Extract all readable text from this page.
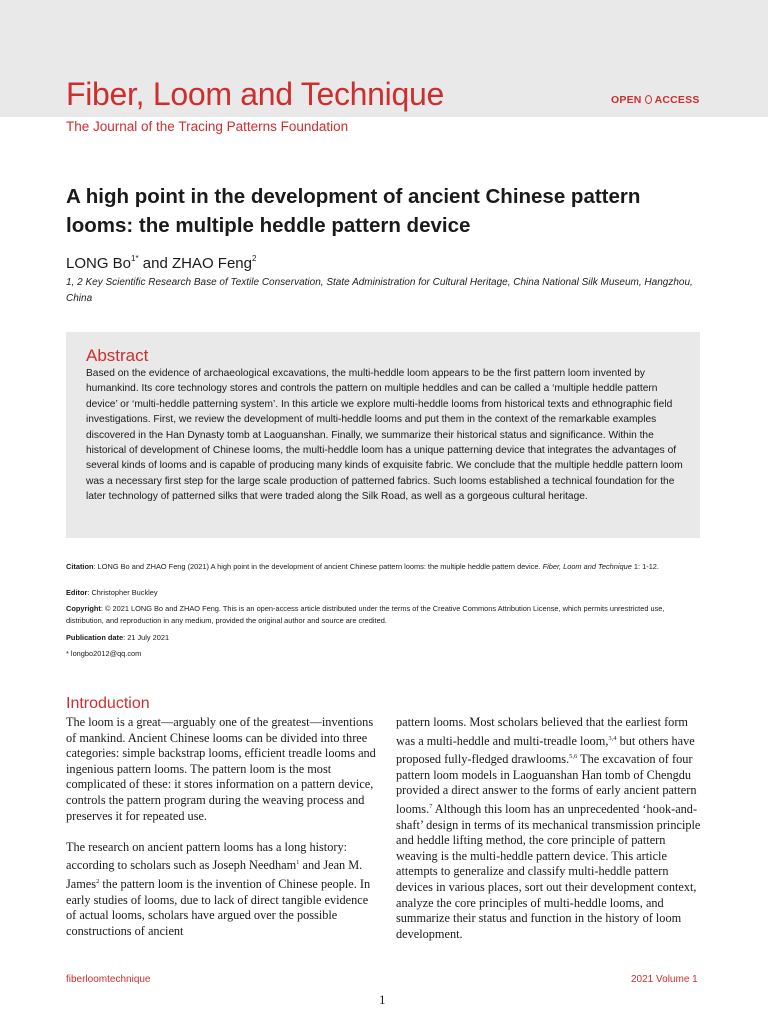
Fiber, Loom and Technique	OPEN ACCESS
The Journal of the Tracing Patterns Foundation
A high point in the development of ancient Chinese pattern looms: the multiple heddle pattern device
LONG $Bo^{1*}$ and ZHAO Feng$^2$
1, 2 Key Scientific Research Base of Textile Conservation, State Administration for Cultural Heritage, China National Silk Museum, Hangzhou, China
Abstract
Based on the evidence of archaeological excavations, the multi-heddle loom appears to be the first pattern loom invented by humankind. Its core technology stores and controls the pattern on multiple heddles and can be called a ‘multiple heddle pattern device’ or ‘multi-heddle patterning system’. In this article we explore multi-heddle looms from historical texts and ethnographic field investigations. First, we review the development of multi-heddle looms and put them in the context of the remarkable examples discovered in the Han Dynasty tomb at Laoguanshan. Finally, we summarize their historical status and significance. Within the historical of development of Chinese looms, the multi-heddle loom has a unique patterning device that integrates the advantages of several kinds of looms and is capable of producing many kinds of exquisite fabric. We conclude that the multiple heddle pattern loom was a necessary first step for the large scale production of patterned fabrics. Such looms established a technical foundation for the later technology of patterned silks that were traded along the Silk Road, as well as a gorgeous cultural heritage.
Citation: LONG Bo and ZHAO Feng (2021) A high point in the development of ancient Chinese pattern looms: the multiple heddle pattern device. Fiber, Loom and Technique 1: 1-12.
Editor: Christopher Buckley
Copyright: © 2021 LONG Bo and ZHAO Feng. This is an open-access article distributed under the terms of the Creative Commons Attribution License, which permits unrestricted use, distribution, and reproduction in any medium, provided the original author and source are credited.
Publication date: 21 July 2021
* longbo2012@qq.com
Introduction

The loom is a great—arguably one of the greatest—inventions of mankind. Ancient Chinese looms can be divided into three categories: simple backstrap looms, efficient treadle looms and ingenious pattern looms. The pattern loom is the most complicated of these: it stores information on a pattern device, controls the pattern program during the weaving process and preserves it for repeated use.

The research on ancient pattern looms has a long history: according to scholars such as Joseph Needham$^1$ and Jean M. James$^2$ the pattern loom is the invention of Chinese people. In early studies of looms, due to lack of direct tangible evidence of actual looms, scholars have argued over the possible constructions of ancient

pattern looms. Most scholars believed that the earliest form was a multi-heddle and multi-treadle loom,$^{3,4}$ but others have proposed fully-fledged drawlooms.$^{5,6}$ The excavation of four pattern loom models in Laoguanshan Han tomb of Chengdu provided a direct answer to the forms of early ancient pattern looms.$^7$ Although this loom has an unprecedented ‘hook-and-shaft’ design in terms of its mechanical transmission principle and heddle lifting method, the core principle of pattern weaving is the multi-heddle pattern device. This article attempts to generalize and classify multi-heddle pattern devices in various places, sort out their development context, analyze the core principles of multi-heddle looms, and summarize their status and function in the history of loom development.

fiberloomtechnique	2021 Volume 1
1
